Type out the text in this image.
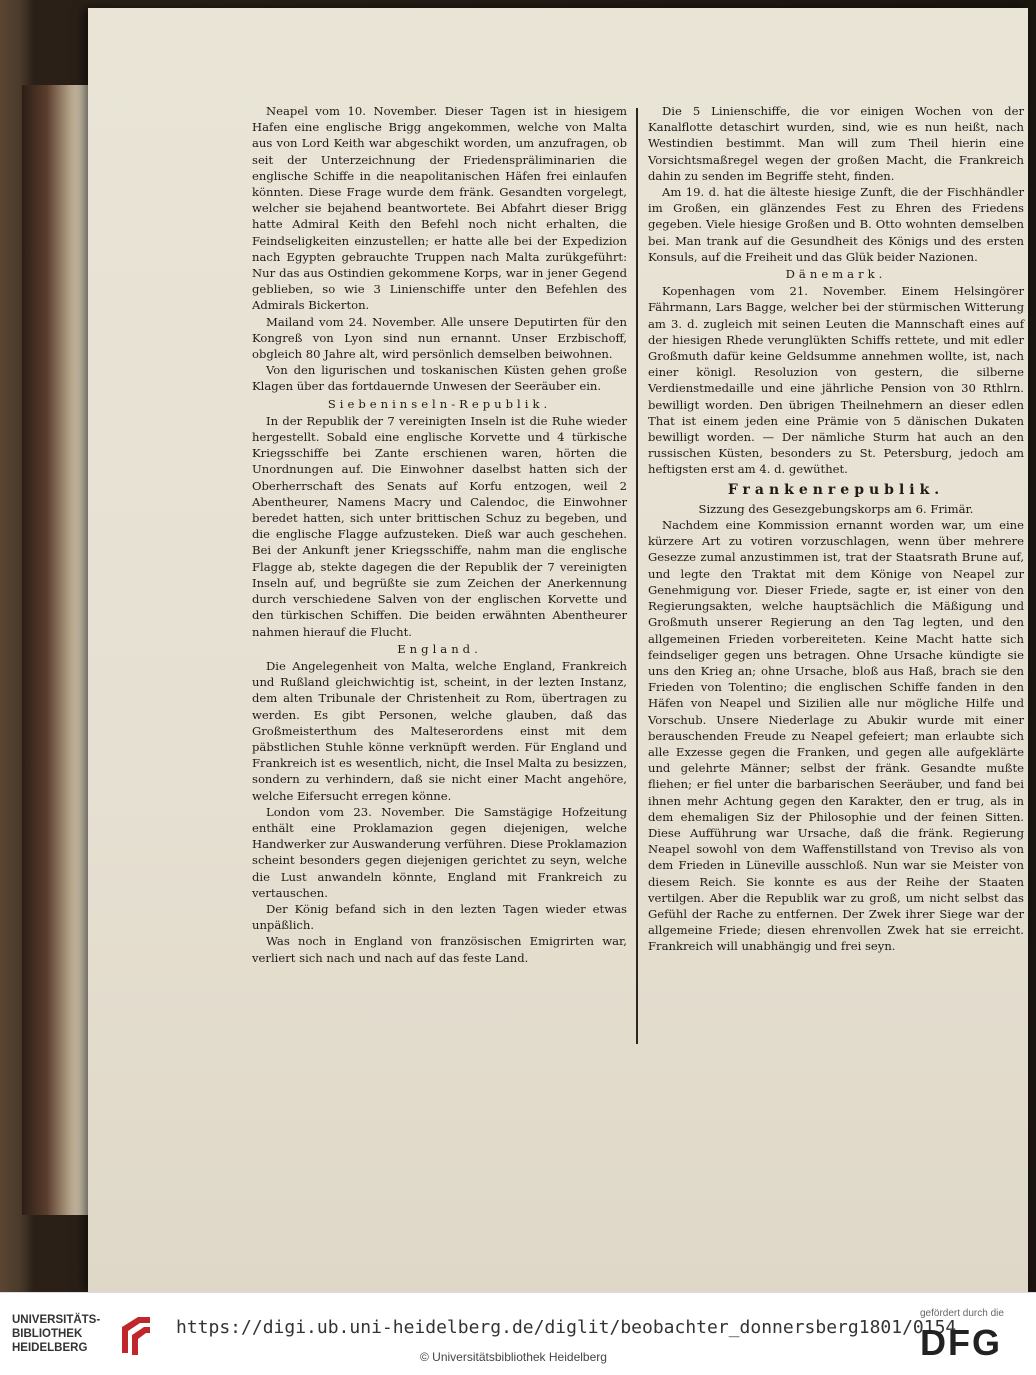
Neapel vom 10. November. Dieser Tagen ist in hiesigem Hafen eine englische Brigg angekommen, welche von Malta aus von Lord Keith war abgeschikt worden, um anzufragen, ob seit der Unterzeichnung der Friedenspräliminarien die englische Schiffe in die neapolitanischen Häfen frei einlaufen könnten. Diese Frage wurde dem fränk. Gesandten vorgelegt, welcher sie bejahend beantwortete. Bei Abfahrt dieser Brigg hatte Admiral Keith den Befehl noch nicht erhalten, die Feindseligkeiten einzustellen; er hatte alle bei der Expedizion nach Egypten gebrauchte Truppen nach Malta zurükgeführt: Nur das aus Ostindien gekommene Korps, war in jener Gegend geblieben, so wie 3 Linienschiffe unter den Befehlen des Admirals Bickerton.

Mailand vom 24. November. Alle unsere Deputirten für den Kongreß von Lyon sind nun ernannt. Unser Erzbischoff, obgleich 80 Jahre alt, wird persönlich demselben beiwohnen.

Von den ligurischen und toskanischen Küsten gehen große Klagen über das fortdauernde Unwesen der Seeräuber ein.

Siebeninseln-Republik.

In der Republik der 7 vereinigten Inseln ist die Ruhe wieder hergestellt. Sobald eine englische Korvette und 4 türkische Kriegsschiffe bei Zante erschienen waren, hörten die Unordnungen auf. Die Einwohner daselbst hatten sich der Oberherrschaft des Senats auf Korfu entzogen, weil 2 Abentheurer, Namens Macry und Calendoc, die Einwohner beredet hatten, sich unter brittischen Schuz zu begeben, und die englische Flagge aufzusteken. Dieß war auch geschehen. Bei der Ankunft jener Kriegsschiffe, nahm man die englische Flagge ab, stekte dagegen die der Republik der 7 vereinigten Inseln auf, und begrüßte sie zum Zeichen der Anerkennung durch verschiedene Salven von der englischen Korvette und den türkischen Schiffen. Die beiden erwähnten Abentheurer nahmen hierauf die Flucht.

England.

Die Angelegenheit von Malta, welche England, Frankreich und Rußland gleichwichtig ist, scheint, in der lezten Instanz, dem alten Tribunale der Christenheit zu Rom, übertragen zu werden. Es gibt Personen, welche glauben, daß das Großmeisterthum des Malteserordens einst mit dem päbstlichen Stuhle könne verknüpft werden. Für England und Frankreich ist es wesentlich, nicht, die Insel Malta zu besizzen, sondern zu verhindern, daß sie nicht einer Macht angehöre, welche Eifersucht erregen könne.

London vom 23. November. Die Samstägige Hofzeitung enthält eine Proklamazion gegen diejenigen, welche Handwerker zur Auswanderung verführen. Diese Proklamazion scheint besonders gegen diejenigen gerichtet zu seyn, welche die Lust anwandeln könnte, England mit Frankreich zu vertauschen.

Der König befand sich in den lezten Tagen wieder etwas unpäßlich.

Was noch in England von französischen Emigrirten war, verliert sich nach und nach auf das feste Land.

Die 5 Linienschiffe, die vor einigen Wochen von der Kanalflotte detaschirt wurden, sind, wie es nun heißt, nach Westindien bestimmt. Man will zum Theil hierin eine Vorsichtsmaßregel wegen der großen Macht, die Frankreich dahin zu senden im Begriffe steht, finden.

Am 19. d. hat die älteste hiesige Zunft, die der Fischhändler im Großen, ein glänzendes Fest zu Ehren des Friedens gegeben. Viele hiesige Großen und B. Otto wohnten demselben bei. Man trank auf die Gesundheit des Königs und des ersten Konsuls, auf die Freiheit und das Glük beider Nazionen.

Dänemark.

Kopenhagen vom 21. November. Einem Helsingörer Fährmann, Lars Bagge, welcher bei der stürmischen Witterung am 3. d. zugleich mit seinen Leuten die Mannschaft eines auf der hiesigen Rhede verunglükten Schiffs rettete, und mit edler Großmuth dafür keine Geldsumme annehmen wollte, ist, nach einer königl. Resoluzion von gestern, die silberne Verdienstmedaille und eine jährliche Pension von 30 Rthlrn. bewilligt worden. Den übrigen Theilnehmern an dieser edlen That ist einem jeden eine Prämie von 5 dänischen Dukaten bewilligt worden. — Der nämliche Sturm hat auch an den russischen Küsten, besonders zu St. Petersburg, jedoch am heftigsten erst am 4. d. gewüthet.

Frankenrepublik.

Sizzung des Gesezgebungskorps am 6. Frimär.

Nachdem eine Kommission ernannt worden war, um eine kürzere Art zu votiren vorzuschlagen, wenn über mehrere Gesezze zumal anzustimmen ist, trat der Staatsrath Brune auf, und legte den Traktat mit dem Könige von Neapel zur Genehmigung vor. Dieser Friede, sagte er, ist einer von den Regierungsakten, welche hauptsächlich die Mäßigung und Großmuth unserer Regierung an den Tag legten, und den allgemeinen Frieden vorbereiteten. Keine Macht hatte sich feindseliger gegen uns betragen. Ohne Ursache kündigte sie uns den Krieg an; ohne Ursache, bloß aus Haß, brach sie den Frieden von Tolentino; die englischen Schiffe fanden in den Häfen von Neapel und Sizilien alle nur mögliche Hilfe und Vorschub. Unsere Niederlage zu Abukir wurde mit einer berauschenden Freude zu Neapel gefeiert; man erlaubte sich alle Exzesse gegen die Franken, und gegen alle aufgeklärte und gelehrte Männer; selbst der fränk. Gesandte mußte fliehen; er fiel unter die barbarischen Seeräuber, und fand bei ihnen mehr Achtung gegen den Karakter, den er trug, als in dem ehemaligen Siz der Philosophie und der feinen Sitten. Diese Aufführung war Ursache, daß die fränk. Regierung Neapel sowohl von dem Waffenstillstand von Treviso als von dem Frieden in Lüneville ausschloß. Nun war sie Meister von diesem Reich. Sie konnte es aus der Reihe der Staaten vertilgen. Aber die Republik war zu groß, um nicht selbst das Gefühl der Rache zu entfernen. Der Zwek ihrer Siege war der allgemeine Friede; diesen ehrenvollen Zwek hat sie erreicht. Frankreich will unabhängig und frei seyn.

UNIVERSITÄTS-
BIBLIOTHEK
HEIDELBERG
https://digi.ub.uni-heidelberg.de/diglit/beobachter_donnersberg1801/0154
© Universitätsbibliothek Heidelberg
gefördert durch die
DFG
